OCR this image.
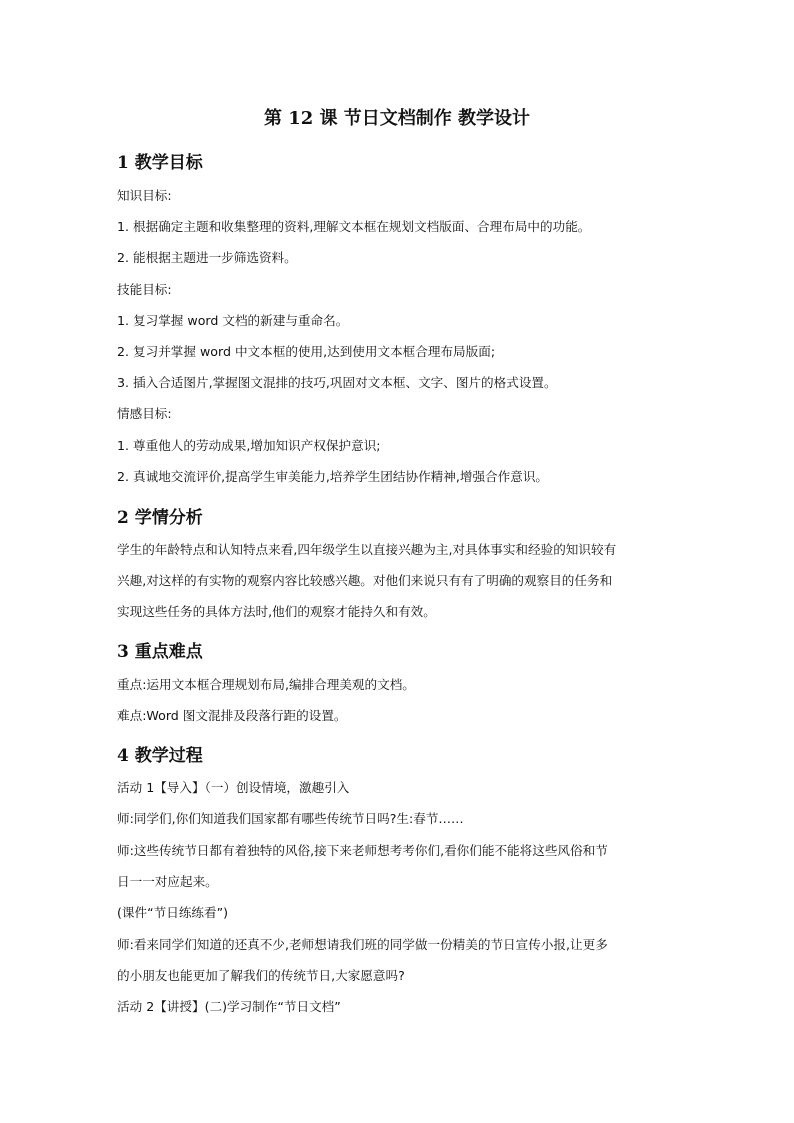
第 12 课 节日文档制作 教学设计
1 教学目标
知识目标:
1. 根据确定主题和收集整理的资料,理解文本框在规划文档版面、合理布局中的功能。
2. 能根据主题进一步筛选资料。
技能目标:
1. 复习掌握 word 文档的新建与重命名。
2. 复习并掌握 word 中文本框的使用,达到使用文本框合理布局版面;
3. 插入合适图片,掌握图文混排的技巧,巩固对文本框、文字、图片的格式设置。
情感目标:
1. 尊重他人的劳动成果,增加知识产权保护意识;
2. 真诚地交流评价,提高学生审美能力,培养学生团结协作精神,增强合作意识。
2 学情分析
学生的年龄特点和认知特点来看,四年级学生以直接兴趣为主,对具体事实和经验的知识较有
兴趣,对这样的有实物的观察内容比较感兴趣。对他们来说只有有了明确的观察目的任务和
实现这些任务的具体方法时,他们的观察才能持久和有效。
3 重点难点
重点:运用文本框合理规划布局,编排合理美观的文档。
难点:Word 图文混排及段落行距的设置。
4 教学过程
活动 1【导入】（一）创设情境，激趣引入
师:同学们,你们知道我们国家都有哪些传统节日吗?生:春节……
师:这些传统节日都有着独特的风俗,接下来老师想考考你们,看你们能不能将这些风俗和节
日一一对应起来。
(课件“节日练练看”)
师:看来同学们知道的还真不少,老师想请我们班的同学做一份精美的节日宣传小报,让更多
的小朋友也能更加了解我们的传统节日,大家愿意吗?
活动 2【讲授】(二)学习制作“节日文档”
